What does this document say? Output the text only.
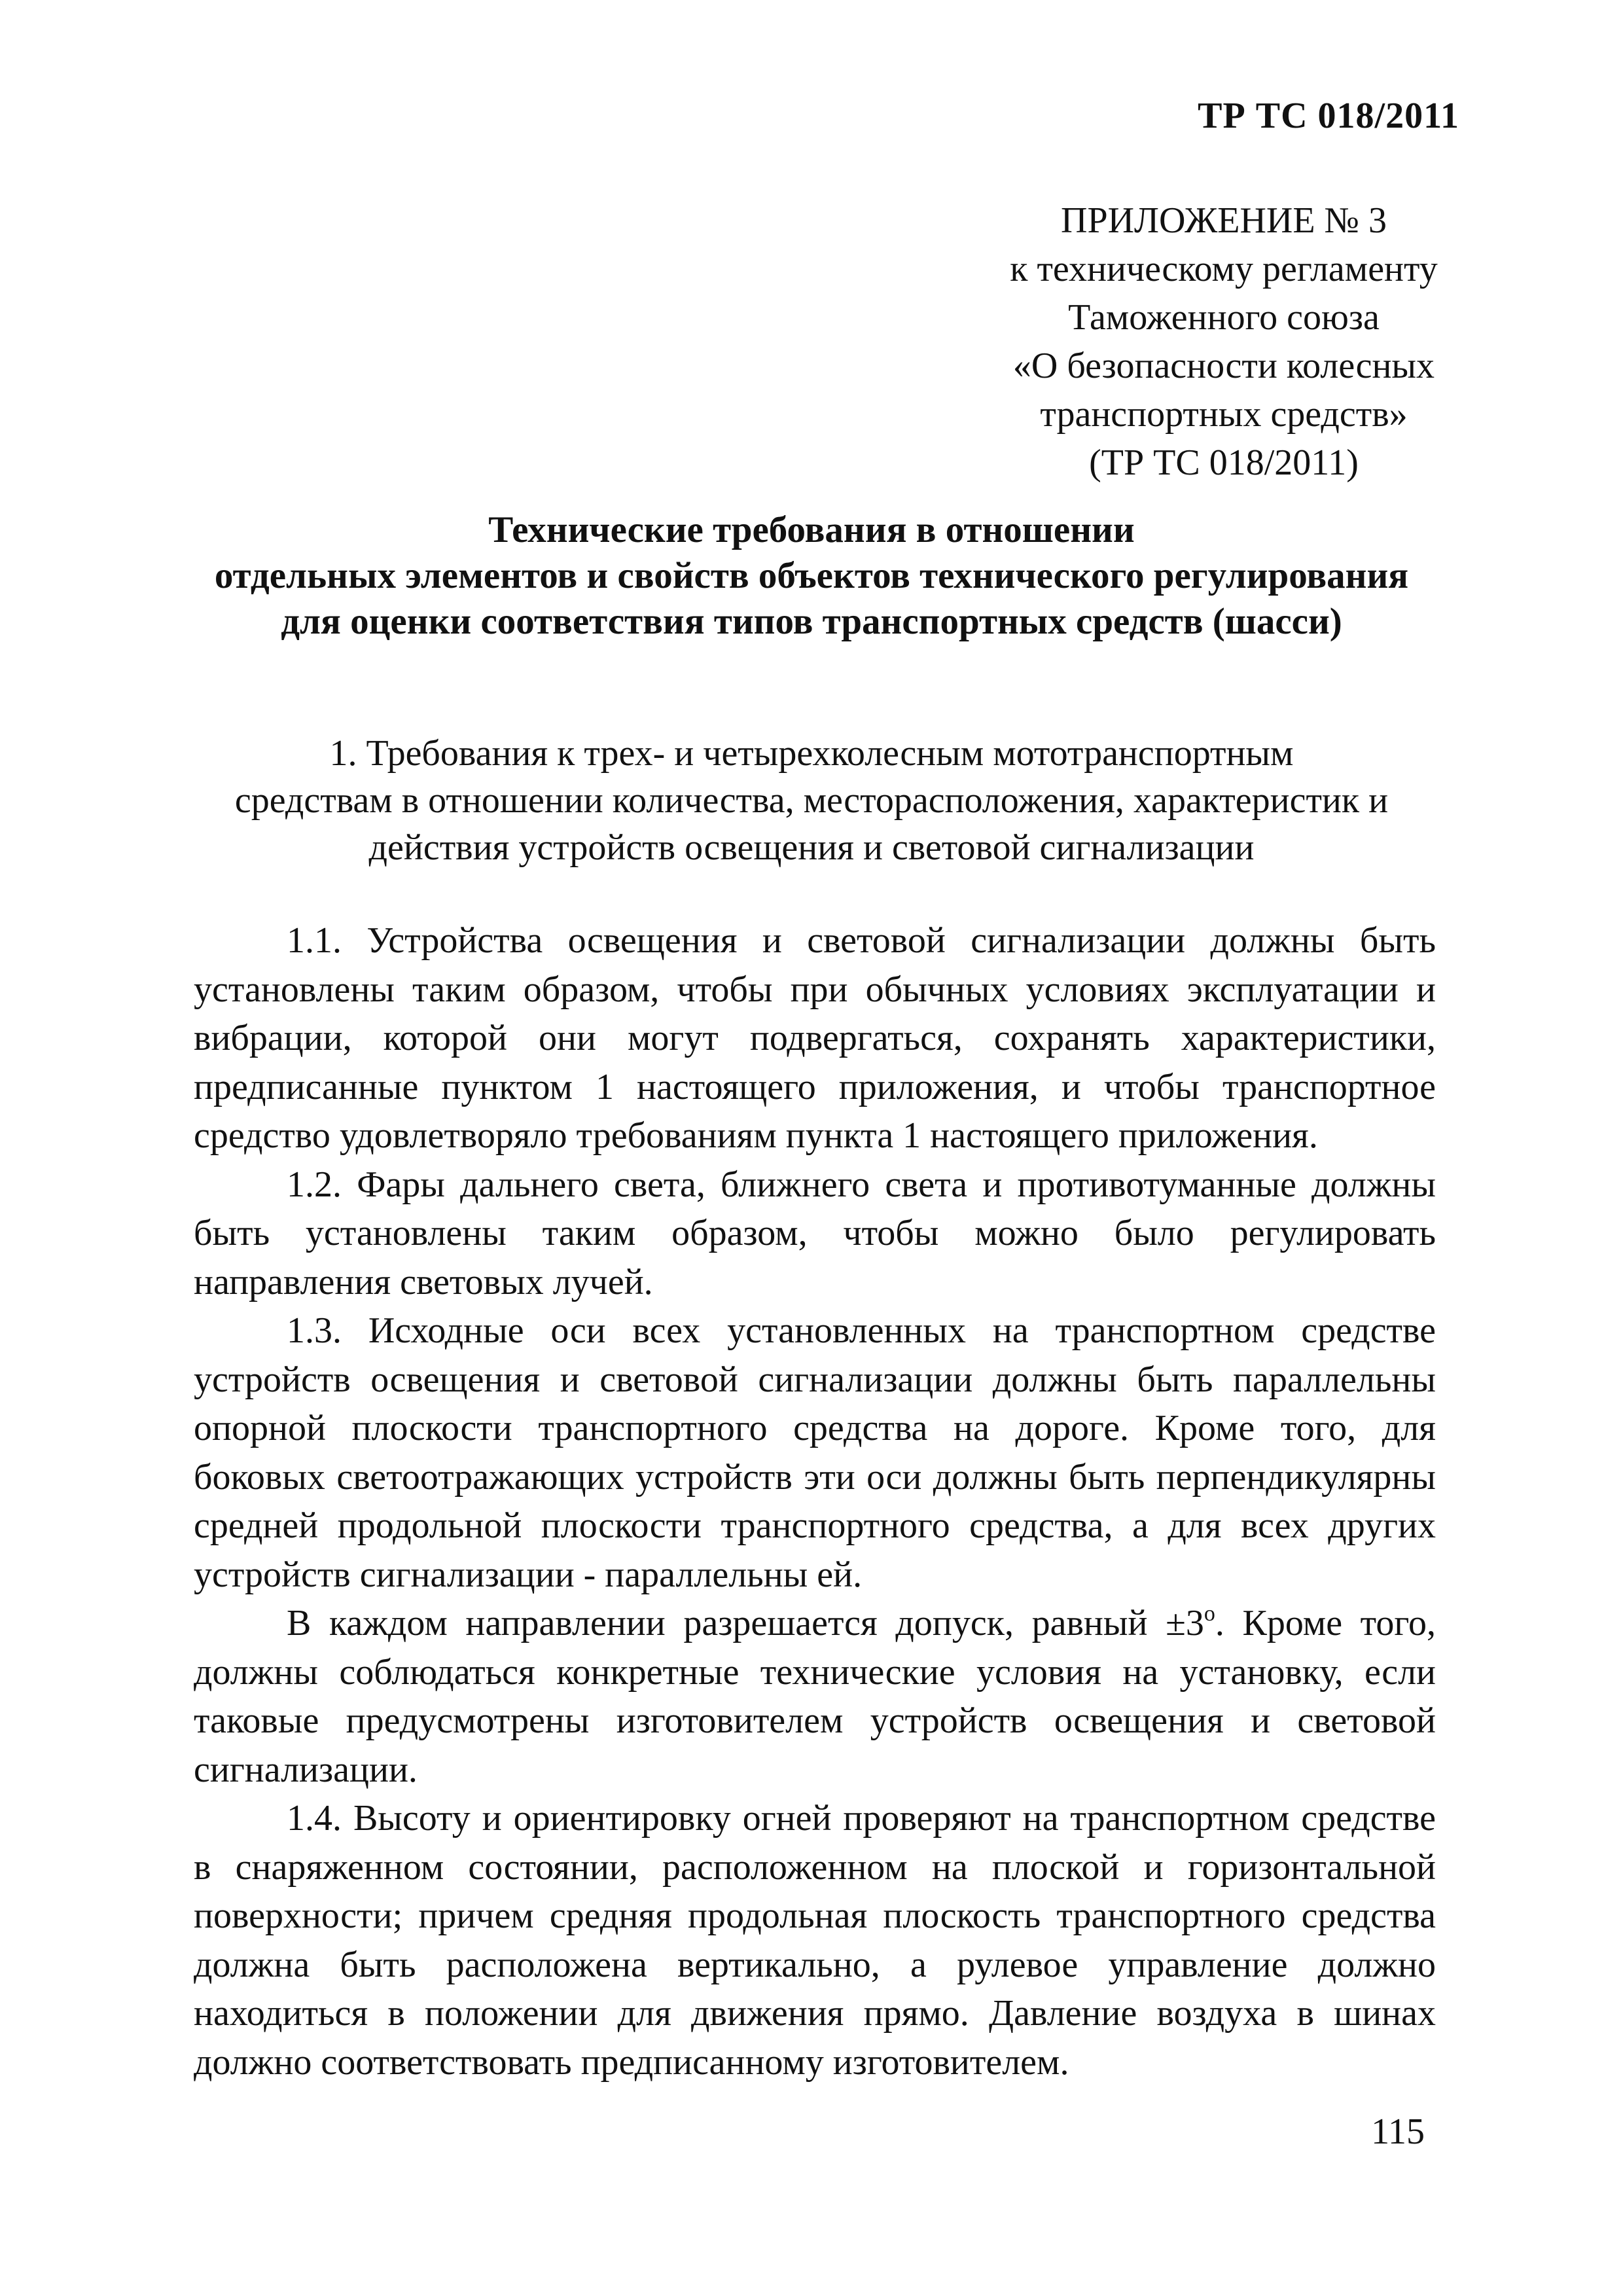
ТР ТС 018/2011
ПРИЛОЖЕНИЕ № 3
к техническому регламенту
Таможенного союза
«О безопасности колесных
транспортных средств»
(ТР ТС 018/2011)
Технические требования в отношении
отдельных элементов и свойств объектов технического регулирования
для оценки соответствия типов транспортных средств (шасси)
1. Требования к трех- и четырехколесным мототранспортным
средствам в отношении количества, месторасположения, характеристик и
действия устройств освещения и световой сигнализации

1.1. Устройства освещения и световой сигнализации должны быть установлены таким образом, чтобы при обычных условиях эксплуатации и вибрации, которой они могут подвергаться, сохранять характеристики, предписанные пунктом 1 настоящего приложения, и чтобы транспортное средство удовлетворяло требованиям пункта 1 настоящего приложения.

1.2. Фары дальнего света, ближнего света и противотуманные должны быть установлены таким образом, чтобы можно было регулировать направления световых лучей.

1.3. Исходные оси всех установленных на транспортном средстве устройств освещения и световой сигнализации должны быть параллельны опорной плоскости транспортного средства на дороге. Кроме того, для боковых светоотражающих устройств эти оси должны быть перпендикулярны средней продольной плоскости транспортного средства, а для всех других устройств сигнализации - параллельны ей.

В каждом направлении разрешается допуск, равный $\pm 3^о$. Кроме того, должны соблюдаться конкретные технические условия на установку, если таковые предусмотрены изготовителем устройств освещения и световой сигнализации.

1.4. Высоту и ориентировку огней проверяют на транспортном средстве в снаряженном состоянии, расположенном на плоской и горизонтальной поверхности; причем средняя продольная плоскость транспортного средства должна быть расположена вертикально, а рулевое управление должно находиться в положении для движения прямо. Давление воздуха в шинах должно соответствовать предписанному изготовителем.

115
